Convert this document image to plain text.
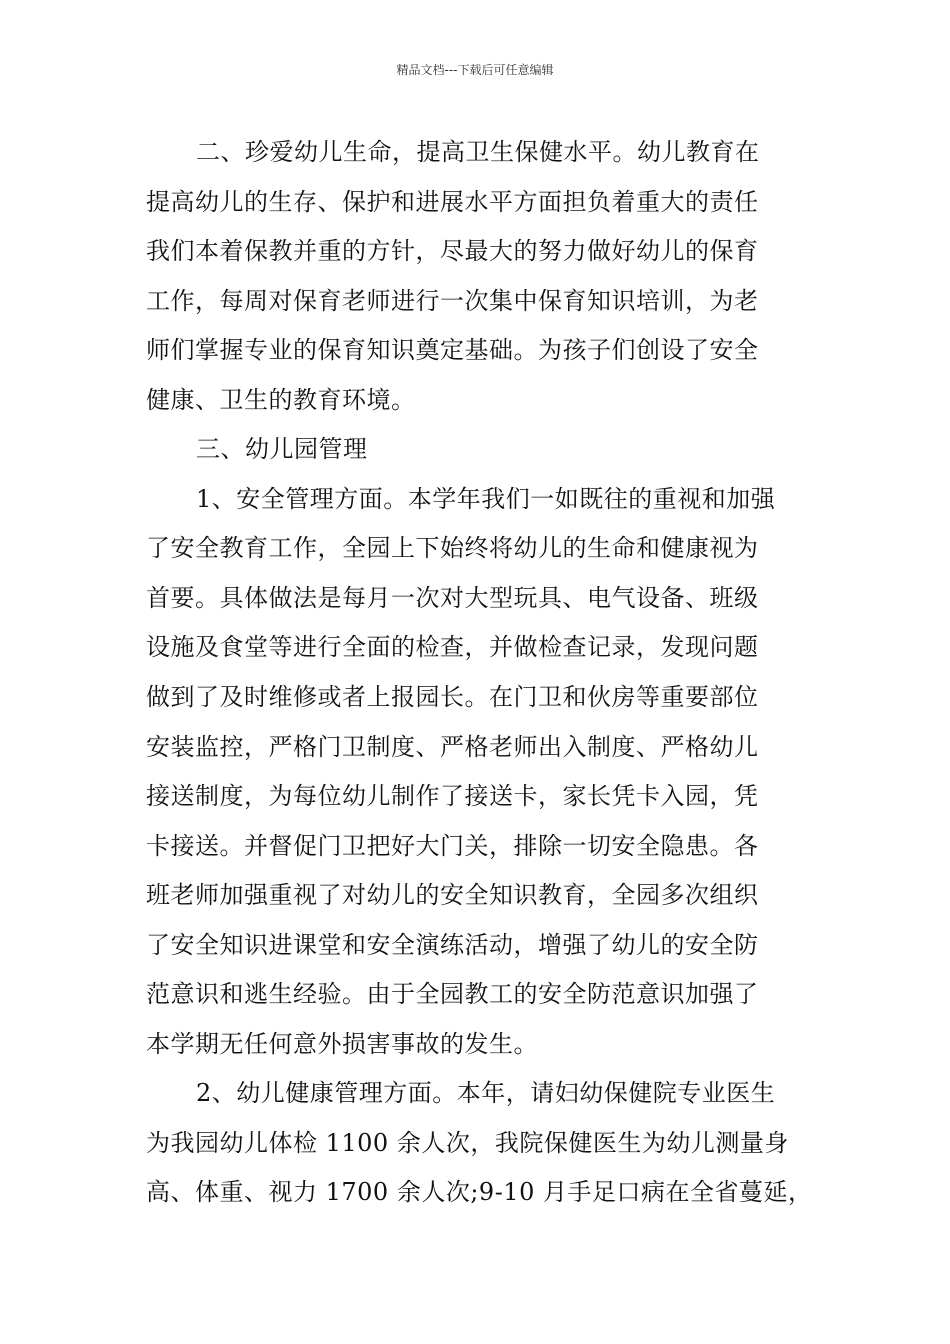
精品文档---下载后可任意编辑
二、珍爱幼儿生命，提高卫生保健水平。幼儿教育在
提高幼儿的生存、保护和进展水平方面担负着重大的责任
我们本着保教并重的方针，尽最大的努力做好幼儿的保育
工作，每周对保育老师进行一次集中保育知识培训，为老
师们掌握专业的保育知识奠定基础。为孩子们创设了安全
健康、卫生的教育环境。
三、幼儿园管理
1、安全管理方面。本学年我们一如既往的重视和加强
了安全教育工作，全园上下始终将幼儿的生命和健康视为
首要。具体做法是每月一次对大型玩具、电气设备、班级
设施及食堂等进行全面的检查，并做检查记录，发现问题
做到了及时维修或者上报园长。在门卫和伙房等重要部位
安装监控，严格门卫制度、严格老师出入制度、严格幼儿
接送制度，为每位幼儿制作了接送卡，家长凭卡入园，凭
卡接送。并督促门卫把好大门关，排除一切安全隐患。各
班老师加强重视了对幼儿的安全知识教育，全园多次组织
了安全知识进课堂和安全演练活动，增强了幼儿的安全防
范意识和逃生经验。由于全园教工的安全防范意识加强了
本学期无任何意外损害事故的发生。
2、幼儿健康管理方面。本年，请妇幼保健院专业医生
为我园幼儿体检 1100 余人次，我院保健医生为幼儿测量身
高、体重、视力 1700 余人次;9-10 月手足口病在全省蔓延，
